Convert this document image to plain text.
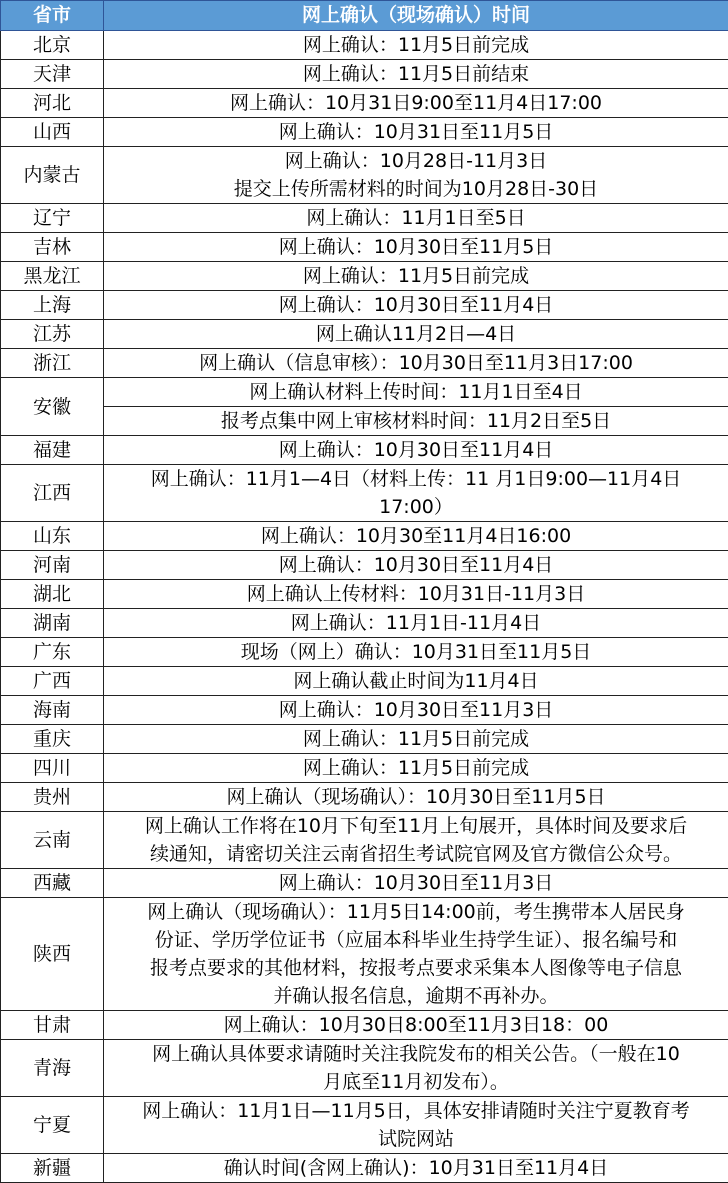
省市	网上确认（现场确认）时间
北京	网上确认：11月5日前完成

天津	网上确认：11月5日前结束

河北	网上确认：10月31日9:00至11月4日17:00

山西	网上确认：10月31日至11月5日

内蒙古	网上确认：10月28日-11月3日
提交上传所需材料的时间为10月28日-30日

辽宁	网上确认：11月1日至5日

吉林	网上确认：10月30日至11月5日

黑龙江	网上确认：11月5日前完成

上海	网上确认：10月30日至11月4日

江苏	网上确认11月2日—4日

浙江	网上确认（信息审核）：10月30日至11月3日17:00

安徽	网上确认材料上传时间：11月1日至4日
报考点集中网上审核材料时间：11月2日至5日

福建	网上确认：10月30日至11月4日

江西	网上确认：11月1—4日（材料上传：11 月1日9:00—11月4日
17:00）

山东	网上确认：10月30至11月4日16:00

河南	网上确认：10月30日至11月4日

湖北	网上确认上传材料：10月31日-11月3日

湖南	网上确认：11月1日-11月4日

广东	现场（网上）确认：10月31日至11月5日

广西	网上确认截止时间为11月4日

海南	网上确认：10月30日至11月3日

重庆	网上确认：11月5日前完成

四川	网上确认：11月5日前完成

贵州	网上确认（现场确认）：10月30日至11月5日

云南	网上确认工作将在10月下旬至11月上旬展开，具体时间及要求后
续通知，请密切关注云南省招生考试院官网及官方微信公众号。

西藏	网上确认：10月30日至11月3日

陕西	网上确认（现场确认）：11月5日14:00前，考生携带本人居民身
份证、学历学位证书（应届本科毕业生持学生证）、报名编号和
报考点要求的其他材料，按报考点要求采集本人图像等电子信息
并确认报名信息，逾期不再补办。

甘肃	网上确认：10月30日8:00至11月3日18：00

青海	网上确认具体要求请随时关注我院发布的相关公告。（一般在10
月底至11月初发布）。

宁夏	网上确认：11月1日—11月5日，具体安排请随时关注宁夏教育考
试院网站

新疆	确认时间(含网上确认)：10月31日至11月4日
